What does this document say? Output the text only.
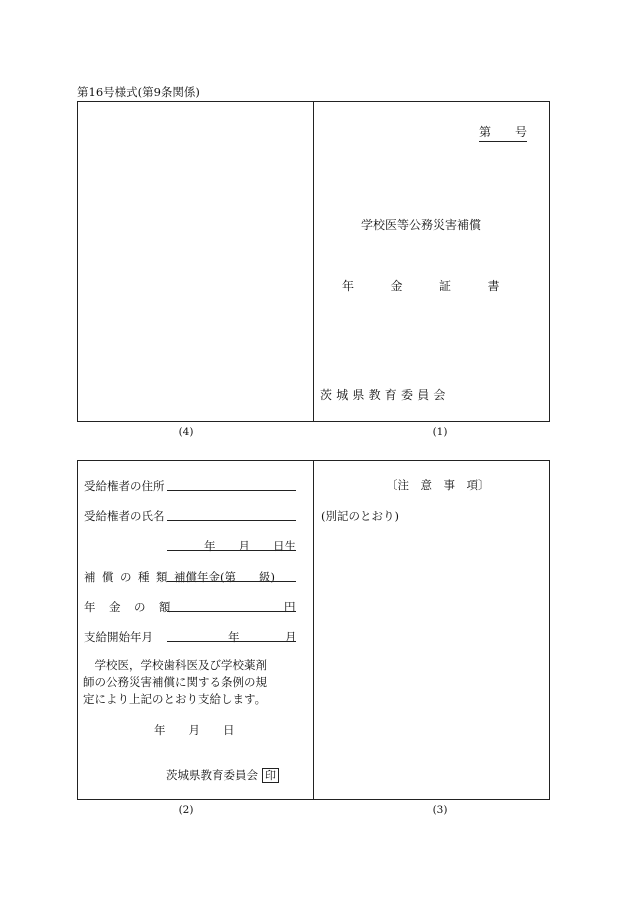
第16号様式(第9条関係)
第　　号
学校医等公務災害補償
年	金	証	書
茨城県教育委員会
(4)	(1)
受給権者の住所
受給権者の氏名
年　　月　　日生
補償の種類 補償年金(第　　級)
年金の額	円
支給開始年月	年	月
　学校医，学校歯科医及び学校薬剤
師の公務災害補償に関する条例の規
定により上記のとおり支給します。
年　　月　　日
茨城県教育委員会 印
〔注　意　事　項〕
(別記のとおり)
(2)	(3)
